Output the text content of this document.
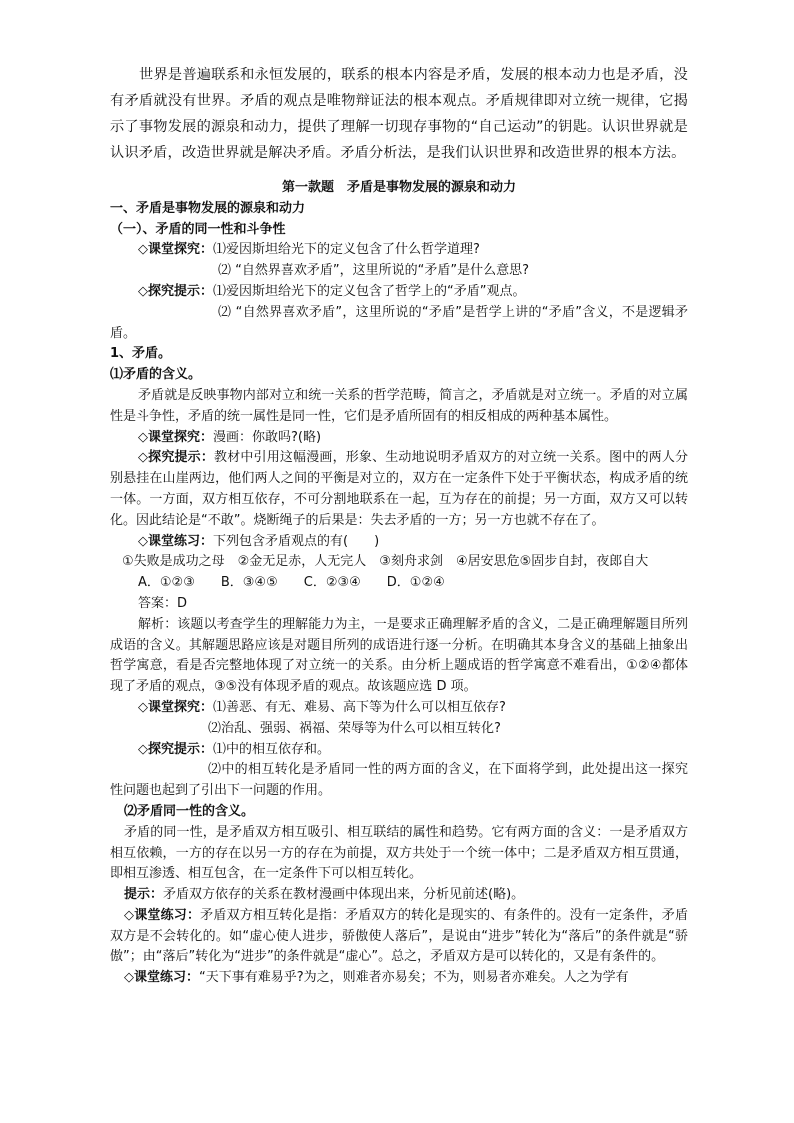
世界是普遍联系和永恒发展的，联系的根本内容是矛盾，发展的根本动力也是矛盾，没有矛盾就没有世界。矛盾的观点是唯物辩证法的根本观点。矛盾规律即对立统一规律，它揭示了事物发展的源泉和动力，提供了理解一切现存事物的“自己运动”的钥匙。认识世界就是认识矛盾，改造世界就是解决矛盾。矛盾分析法，是我们认识世界和改造世界的根本方法。

第一款题　矛盾是事物发展的源泉和动力

一、矛盾是事物发展的源泉和动力

（一）、矛盾的同一性和斗争性

◇课堂探究：⑴爱因斯坦给光下的定义包含了什么哲学道理?

⑵ “自然界喜欢矛盾”，这里所说的“矛盾”是什么意思?

◇探究提示：⑴爱因斯坦给光下的定义包含了哲学上的“矛盾”观点。

⑵ “自然界喜欢矛盾”，这里所说的“矛盾”是哲学上讲的“矛盾”含义，不是逻辑矛盾。

1、矛盾。

⑴矛盾的含义。

矛盾就是反映事物内部对立和统一关系的哲学范畴，简言之，矛盾就是对立统一。矛盾的对立属性是斗争性，矛盾的统一属性是同一性，它们是矛盾所固有的相反相成的两种基本属性。

◇课堂探究：漫画：你敢吗?(略)

◇探究提示：教材中引用这幅漫画，形象、生动地说明矛盾双方的对立统一关系。图中的两人分别悬挂在山崖两边，他们两人之间的平衡是对立的，双方在一定条件下处于平衡状态，构成矛盾的统一体。一方面，双方相互依存，不可分割地联系在一起，互为存在的前提；另一方面，双方又可以转化。因此结论是“不敢”。烧断绳子的后果是：失去矛盾的一方；另一方也就不存在了。

◇课堂练习：下列包含矛盾观点的有(　　)

①失败是成功之母　②金无足赤，人无完人　③刻舟求剑　④居安思危⑤固步自封，夜郎自大

A．①②③ B．③④⑤ C．②③④ D．①②④

答案：D

解析：该题以考查学生的理解能力为主，一是要求正确理解矛盾的含义，二是正确理解题目所列成语的含义。其解题思路应该是对题目所列的成语进行逐一分析。在明确其本身含义的基础上抽象出哲学寓意，看是否完整地体现了对立统一的关系。由分析上题成语的哲学寓意不难看出，①②④都体现了矛盾的观点，③⑤没有体现矛盾的观点。故该题应选 D 项。

◇课堂探究：⑴善恶、有无、难易、高下等为什么可以相互依存?

⑵治乱、强弱、祸福、荣辱等为什么可以相互转化?

◇探究提示：⑴中的相互依存和。

⑵中的相互转化是矛盾同一性的两方面的含义，在下面将学到，此处提出这一探究性问题也起到了引出下一问题的作用。

⑵矛盾同一性的含义。

矛盾的同一性，是矛盾双方相互吸引、相互联结的属性和趋势。它有两方面的含义：一是矛盾双方相互依赖，一方的存在以另一方的存在为前提，双方共处于一个统一体中；二是矛盾双方相互贯通，即相互渗透、相互包含，在一定条件下可以相互转化。

提示：矛盾双方依存的关系在教材漫画中体现出来，分析见前述(略)。

◇课堂练习：矛盾双方相互转化是指：矛盾双方的转化是现实的、有条件的。没有一定条件，矛盾双方是不会转化的。如“虚心使人进步，骄傲使人落后”，是说由“进步”转化为“落后”的条件就是“骄傲”；由“落后”转化为“进步”的条件就是“虚心”。总之，矛盾双方是可以转化的，又是有条件的。

◇课堂练习：“天下事有难易乎?为之，则难者亦易矣；不为，则易者亦难矣。人之为学有
